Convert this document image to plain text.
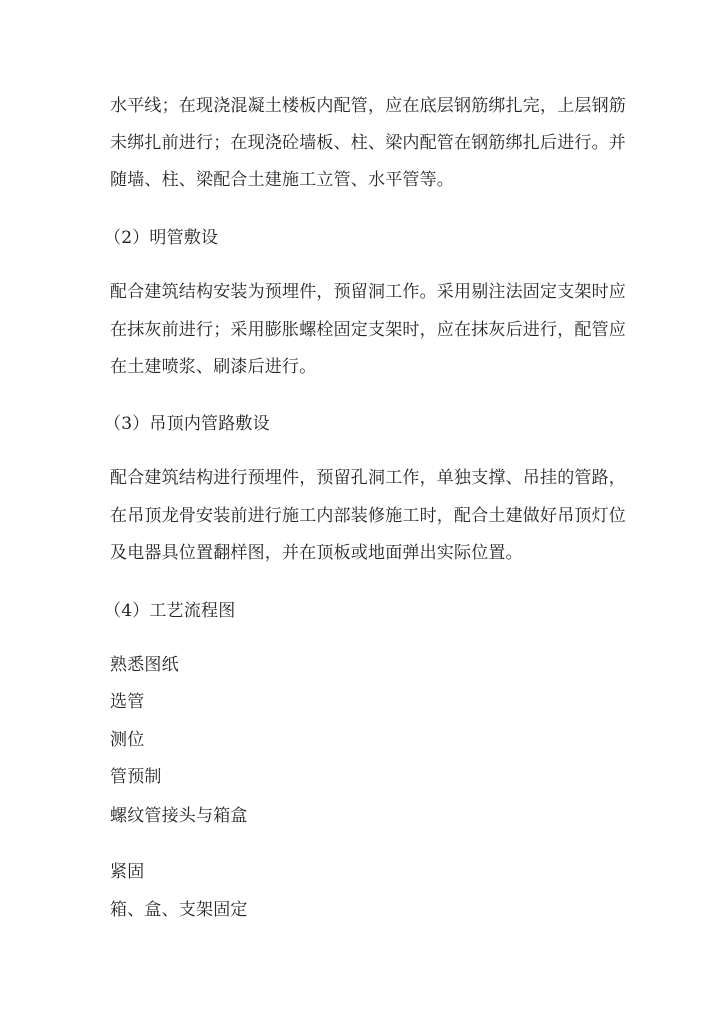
水平线；在现浇混凝土楼板内配管，应在底层钢筋绑扎完，上层钢筋
未绑扎前进行；在现浇砼墙板、柱、梁内配管在钢筋绑扎后进行。并
随墙、柱、梁配合土建施工立管、水平管等。
（2）明管敷设
配合建筑结构安装为预埋件，预留洞工作。采用剔注法固定支架时应
在抹灰前进行；采用膨胀螺栓固定支架时，应在抹灰后进行，配管应
在土建喷浆、刷漆后进行。
（3）吊顶内管路敷设
配合建筑结构进行预埋件，预留孔洞工作，单独支撑、吊挂的管路，
在吊顶龙骨安装前进行施工内部装修施工时，配合土建做好吊顶灯位
及电器具位置翻样图，并在顶板或地面弹出实际位置。
（4）工艺流程图
熟悉图纸
选管
测位
管预制
螺纹管接头与箱盒
紧固
箱、盒、支架固定
